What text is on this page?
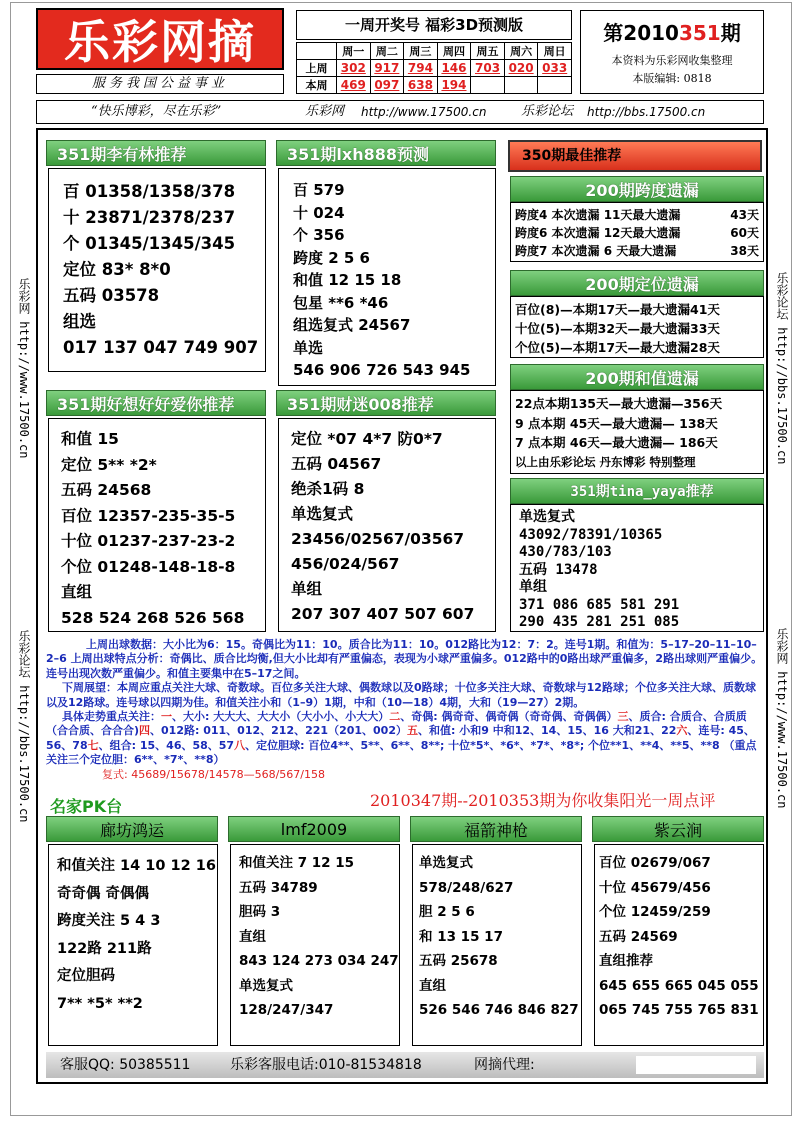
乐彩网摘
服务我国公益事业
一周开奖号 福彩3D预测版
	周一	周二	周三	周四	周五	周六	周日
上周	302	917	794	146	703	020	033
本周	469	097	638	194			
第2010351期
本资料为乐彩网收集整理
本版编辑: 0818
“快乐博彩，尽在乐彩”	乐彩网 http://www.17500.cn	乐彩论坛 http://bbs.17500.cn
乐彩网 http://www.17500.cn
乐彩论坛 http://bbs.17500.cn
乐彩论坛 http://bbs.17500.cn
乐彩网 http://www.17500.cn
351期李有林推荐
百 01358/1358/378
十 23871/2378/237
个 01345/1345/345
定位 83* 8*0
五码 03578
组选
017 137 047 749 907
351期lxh888预测
百 579
十 024
个 356
跨度 2 5 6
和值 12 15 18
包星 **6 *46
组选复式 24567
单选
546 906 726 543 945
351期好想好好爱你推荐
和值 15
定位 5** *2*
五码 24568
百位 12357-235-35-5
十位 01237-237-23-2
个位 01248-148-18-8
直组
528 524 268 526 568
351期财迷008推荐
定位 *07 4*7 防0*7
五码 04567
绝杀1码 8
单选复式
23456/02567/03567
456/024/567
单组
207 307 407 507 607
350期最佳推荐
200期跨度遗漏
跨度4 本次遗漏 11天最大遗漏	43天
跨度6 本次遗漏 12天最大遗漏	60天
跨度7 本次遗漏 6 天最大遗漏	38天
200期定位遗漏
百位(8)—本期17天—最大遗漏41天
十位(5)—本期32天—最大遗漏33天
个位(5)—本期17天—最大遗漏28天
200期和值遗漏
22点本期135天—最大遗漏—356天
9 点本期 45天—最大遗漏— 138天
7 点本期 46天—最大遗漏— 186天
以上由乐彩论坛 丹东博彩 特别整理
351期tina_yaya推荐
单选复式
43092/78391/10365
430/783/103
五码 13478
单组
371 086 685 581 291
290 435 281 251 085
上周出球数据：大小比为6：15。奇偶比为11：10。质合比为11：10。012路比为12：7：2。连号1期。和值为：5–17–20–11–10–2–6 上周出球特点分析：奇偶比、质合比均衡,但大小比却有严重偏态，表现为小球严重偏多。012路中的0路出球严重偏多，2路出球则严重偏少。连号出现次数严重偏少。和值主要集中在5–17之间。
下周展望：本周应重点关注大球、奇数球。百位多关注大球、偶数球以及0路球；十位多关注大球、奇数球与12路球；个位多关注大球、质数球以及12路球。连号球以四期为佳。和值关注小和（1–9）1期，中和（10—18）4期，大和（19—27）2期。
具体走势重点关注：一、大小: 大大大、大大小（大小小、小大大）二、奇偶: 偶奇奇、偶奇偶（奇奇偶、奇偶偶）三、质合: 合质合、合质质（合合质、合合合)四、012路: 011、012、212、221（201、002）五、和值: 小和9 中和12、14、15、16 大和21、22六、连号: 45、56、78七、组合: 15、46、58、57八、定位胆球: 百位4**、5**、6**、8**; 十位*5*、*6*、*7*、*8*; 个位**1、**4、**5、**8 （重点关注三个定位胆：6**、*7*、**8）
复式: 45689/15678/14578—568/567/158
名家PK台	2010347期--2010353期为你收集阳光一周点评
廊坊鸿运
和值关注 14 10 12 16
奇奇偶 奇偶偶
跨度关注 5 4 3
122路 211路
定位胆码
7** *5* **2
lmf2009
和值关注 7 12 15
五码 34789
胆码 3
直组
843 124 273 034 247
单选复式
128/247/347
福箭神枪
单选复式
578/248/627
胆 2 5 6
和 13 15 17
五码 25678
直组
526 546 746 846 827
紫云涧
百位 02679/067
十位 45679/456
个位 12459/259
五码 24569
直组推荐
645 655 665 045 055
065 745 755 765 831
客服QQ: 50385511	乐彩客服电话:010-81534818	网摘代理:
